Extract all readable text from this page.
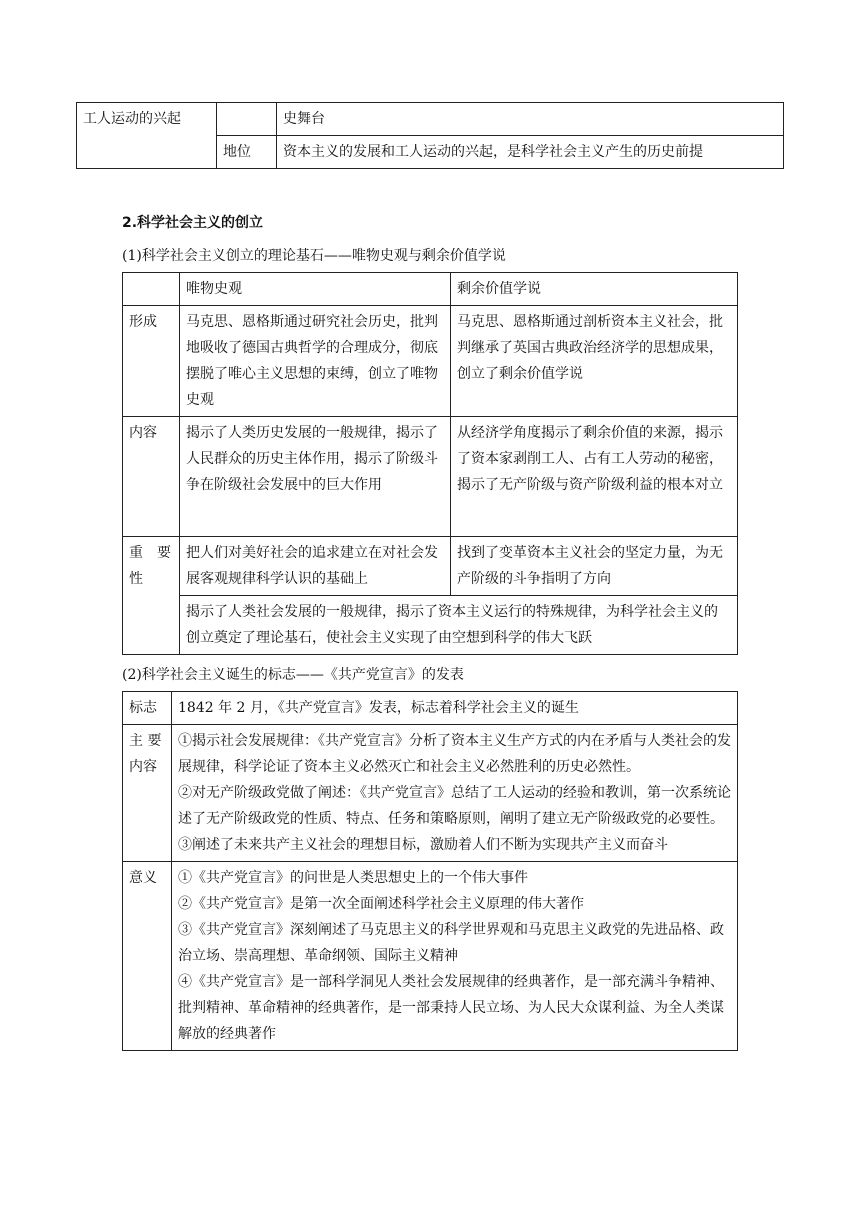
工人运动的兴起		史舞台
	地位	资本主义的发展和工人运动的兴起，是科学社会主义产生的历史前提
2.科学社会主义的创立
(1)科学社会主义创立的理论基石——唯物史观与剩余价值学说
	唯物史观	剩余价值学说
形成	马克思、恩格斯通过研究社会历史，批判地吸收了德国古典哲学的合理成分，彻底摆脱了唯心主义思想的束缚，创立了唯物史观	马克思、恩格斯通过剖析资本主义社会，批判继承了英国古典政治经济学的思想成果，创立了剩余价值学说
内容	揭示了人类历史发展的一般规律，揭示了人民群众的历史主体作用，揭示了阶级斗争在阶级社会发展中的巨大作用	从经济学角度揭示了剩余价值的来源，揭示了资本家剥削工人、占有工人劳动的秘密，揭示了无产阶级与资产阶级利益的根本对立
重　要性	把人们对美好社会的追求建立在对社会发展客观规律科学认识的基础上	找到了变革资本主义社会的坚定力量，为无产阶级的斗争指明了方向
	揭示了人类社会发展的一般规律，揭示了资本主义运行的特殊规律，为科学社会主义的创立奠定了理论基石，使社会主义实现了由空想到科学的伟大飞跃	
(2)科学社会主义诞生的标志——《共产党宣言》的发表
标志	1842 年 2 月，《共产党宣言》发表，标志着科学社会主义的诞生

主 要内容	①揭示社会发展规律：《共产党宣言》分析了资本主义生产方式的内在矛盾与人类社会的发展规律，科学论证了资本主义必然灭亡和社会主义必然胜利的历史必然性。
②对无产阶级政党做了阐述：《共产党宣言》总结了工人运动的经验和教训，第一次系统论述了无产阶级政党的性质、特点、任务和策略原则，阐明了建立无产阶级政党的必要性。③阐述了未来共产主义社会的理想目标，激励着人们不断为实现共产主义而奋斗

意义	①《共产党宣言》的问世是人类思想史上的一个伟大事件
②《共产党宣言》是第一次全面阐述科学社会主义原理的伟大著作
③《共产党宣言》深刻阐述了马克思主义的科学世界观和马克思主义政党的先进品格、政治立场、崇高理想、革命纲领、国际主义精神
④《共产党宣言》是一部科学洞见人类社会发展规律的经典著作，是一部充满斗争精神、批判精神、革命精神的经典著作，是一部秉持人民立场、为人民大众谋利益、为全人类谋解放的经典著作
